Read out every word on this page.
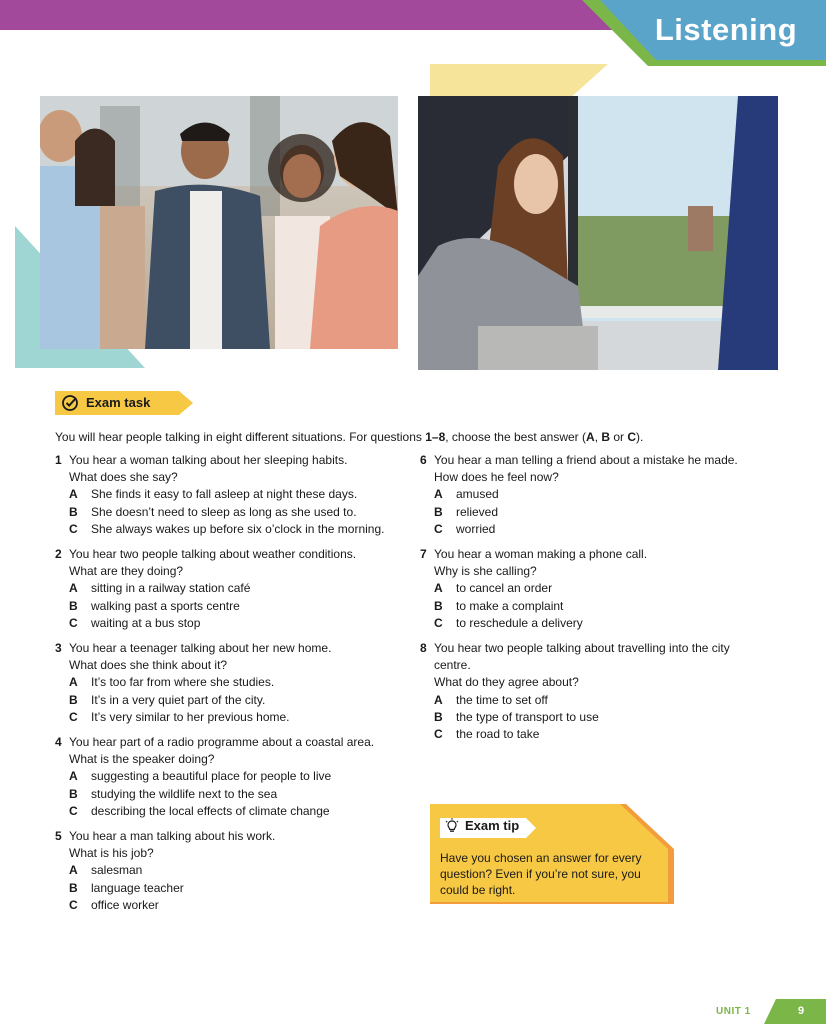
Listening
Exam task
You will hear people talking in eight different situations. For questions 1–8, choose the best answer (A, B or C).
1 You hear a woman talking about her sleeping habits.
What does she say?
A	She finds it easy to fall asleep at night these days.
B	She doesn’t need to sleep as long as she used to.
C	She always wakes up before six o’clock in the morning.
2 You hear two people talking about weather conditions.
What are they doing?
A	sitting in a railway station café
B	walking past a sports centre
C	waiting at a bus stop
3 You hear a teenager talking about her new home.
What does she think about it?
A	It’s too far from where she studies.
B	It’s in a very quiet part of the city.
C	It’s very similar to her previous home.
4 You hear part of a radio programme about a coastal area.
What is the speaker doing?
A	suggesting a beautiful place for people to live
B	studying the wildlife next to the sea
C	describing the local effects of climate change
5 You hear a man talking about his work.
What is his job?
A	salesman
B	language teacher
C	office worker
6 You hear a man telling a friend about a mistake he made.
How does he feel now?
A	amused
B	relieved
C	worried
7 You hear a woman making a phone call.
Why is she calling?
A	to cancel an order
B	to make a complaint
C	to reschedule a delivery
8 You hear two people talking about travelling into the city centre.
What do they agree about?
A	the time to set off
B	the type of transport to use
C	the road to take
Exam tip
Have you chosen an answer for every question? Even if you’re not sure, you could be right.
UNIT 1	9
